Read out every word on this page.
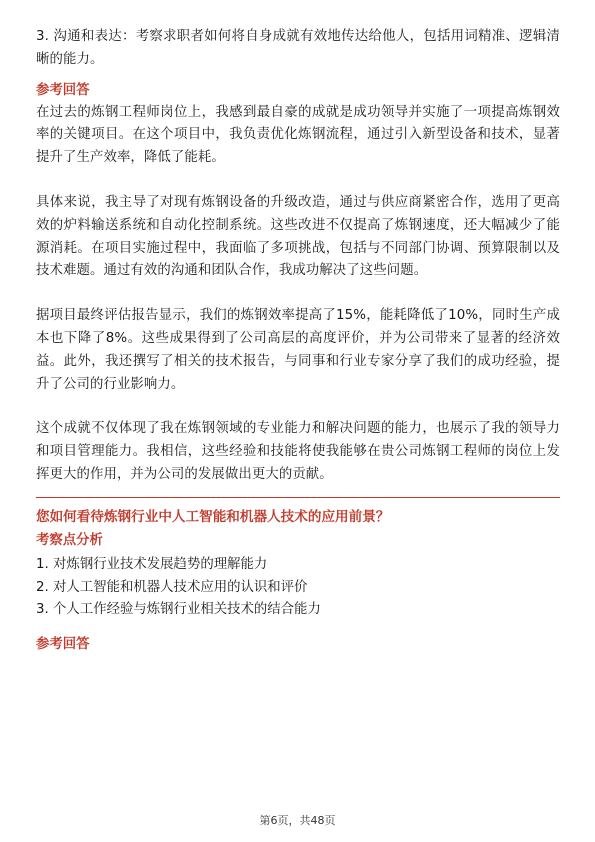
3. 沟通和表达：考察求职者如何将自身成就有效地传达给他人，包括用词精准、逻辑清晰的能力。

参考回答

在过去的炼钢工程师岗位上，我感到最自豪的成就是成功领导并实施了一项提高炼钢效率的关键项目。在这个项目中，我负责优化炼钢流程，通过引入新型设备和技术，显著提升了生产效率，降低了能耗。

具体来说，我主导了对现有炼钢设备的升级改造，通过与供应商紧密合作，选用了更高效的炉料输送系统和自动化控制系统。这些改进不仅提高了炼钢速度，还大幅减少了能源消耗。在项目实施过程中，我面临了多项挑战，包括与不同部门协调、预算限制以及技术难题。通过有效的沟通和团队合作，我成功解决了这些问题。

据项目最终评估报告显示，我们的炼钢效率提高了15%，能耗降低了10%，同时生产成本也下降了8%。这些成果得到了公司高层的高度评价，并为公司带来了显著的经济效益。此外，我还撰写了相关的技术报告，与同事和行业专家分享了我们的成功经验，提升了公司的行业影响力。

这个成就不仅体现了我在炼钢领域的专业能力和解决问题的能力，也展示了我的领导力和项目管理能力。我相信，这些经验和技能将使我能够在贵公司炼钢工程师的岗位上发挥更大的作用，并为公司的发展做出更大的贡献。

您如何看待炼钢行业中人工智能和机器人技术的应用前景？

考察点分析

1. 对炼钢行业技术发展趋势的理解能力

2. 对人工智能和机器人技术应用的认识和评价

3. 个人工作经验与炼钢行业相关技术的结合能力

参考回答

第6页，共48页
